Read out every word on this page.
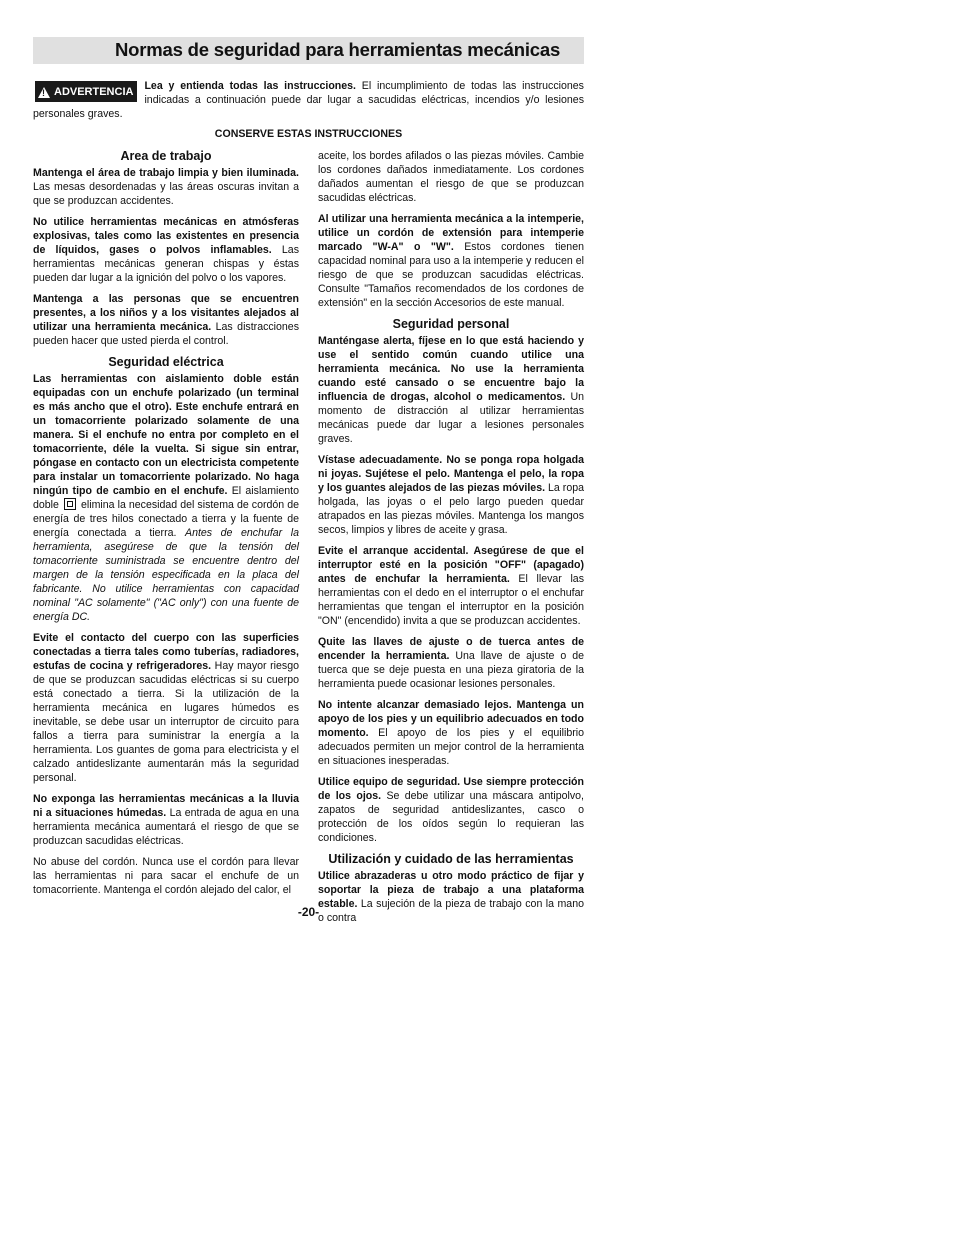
Normas de seguridad para herramientas mecánicas
!
ADVERTENCIA Lea y entienda todas las instrucciones. El incumplimiento de todas las instrucciones indicadas a continuación puede dar lugar a sacudidas eléctricas, incendios y/o lesiones personales graves.
CONSERVE ESTAS INSTRUCCIONES
Area de trabajo

Mantenga el área de trabajo limpia y bien iluminada. Las mesas desordenadas y las áreas oscuras invitan a que se produzcan accidentes.

No utilice herramientas mecánicas en atmósferas explosivas, tales como las existentes en presencia de líquidos, gases o polvos inflamables. Las herramientas mecánicas generan chispas y éstas pueden dar lugar a la ignición del polvo o los vapores.

Mantenga a las personas que se encuentren presentes, a los niños y a los visitantes alejados al utilizar una herramienta mecánica. Las distracciones pueden hacer que usted pierda el control.

Seguridad eléctrica

Las herramientas con aislamiento doble están equipadas con un enchufe polarizado (un terminal es más ancho que el otro). Este enchufe entrará en un tomacorriente polarizado solamente de una manera. Si el enchufe no entra por completo en el tomacorriente, déle la vuelta. Si sigue sin entrar, póngase en contacto con un electricista competente para instalar un tomacorriente polarizado. No haga ningún tipo de cambio en el enchufe. El aislamiento doble  elimina la necesidad del sistema de cordón de energía de tres hilos conectado a tierra y la fuente de energía conectada a tierra. Antes de enchufar la herramienta, asegúrese de que la tensión del tomacorriente suministrada se encuentre dentro del margen de la tensión especificada en la placa del fabricante. No utilice herramientas con capacidad nominal "AC solamente" ("AC only") con una fuente de energía DC.

Evite el contacto del cuerpo con las superficies conectadas a tierra tales como tuberías, radiadores, estufas de cocina y refrigeradores. Hay mayor riesgo de que se produzcan sacudidas eléctricas si su cuerpo está conectado a tierra. Si la utilización de la herramienta mecánica en lugares húmedos es inevitable, se debe usar un interruptor de circuito para fallos a tierra para suministrar la energía a la herramienta. Los guantes de goma para electricista y el calzado antideslizante aumentarán más la seguridad personal.

No exponga las herramientas mecánicas a la lluvia ni a situaciones húmedas. La entrada de agua en una herramienta mecánica aumentará el riesgo de que se produzcan sacudidas eléctricas.

No abuse del cordón. Nunca use el cordón para llevar las herramientas ni para sacar el enchufe de un tomacorriente. Mantenga el cordón alejado del calor, el

aceite, los bordes afilados o las piezas móviles. Cambie los cordones dañados inmediatamente. Los cordones dañados aumentan el riesgo de que se produzcan sacudidas eléctricas.

Al utilizar una herramienta mecánica a la intemperie, utilice un cordón de extensión para intemperie marcado "W-A" o "W". Estos cordones tienen capacidad nominal para uso a la intemperie y reducen el riesgo de que se produzcan sacudidas eléctricas. Consulte "Tamaños recomendados de los cordones de extensión" en la sección Accesorios de este manual.

Seguridad personal

Manténgase alerta, fíjese en lo que está haciendo y use el sentido común cuando utilice una herramienta mecánica. No use la herramienta cuando esté cansado o se encuentre bajo la influencia de drogas, alcohol o medicamentos. Un momento de distracción al utilizar herramientas mecánicas puede dar lugar a lesiones personales graves.

Vístase adecuadamente. No se ponga ropa holgada ni joyas. Sujétese el pelo. Mantenga el pelo, la ropa y los guantes alejados de las piezas móviles. La ropa holgada, las joyas o el pelo largo pueden quedar atrapados en las piezas móviles. Mantenga los mangos secos, limpios y libres de aceite y grasa.

Evite el arranque accidental. Asegúrese de que el interruptor esté en la posición "OFF" (apagado) antes de enchufar la herramienta. El llevar las herramientas con el dedo en el interruptor o el enchufar herramientas que tengan el interruptor en la posición "ON" (encendido) invita a que se produzcan accidentes.

Quite las llaves de ajuste o de tuerca antes de encender la herramienta. Una llave de ajuste o de tuerca que se deje puesta en una pieza giratoria de la herramienta puede ocasionar lesiones personales.

No intente alcanzar demasiado lejos. Mantenga un apoyo de los pies y un equilibrio adecuados en todo momento. El apoyo de los pies y el equilibrio adecuados permiten un mejor control de la herramienta en situaciones inesperadas.

Utilice equipo de seguridad. Use siempre protección de los ojos. Se debe utilizar una máscara antipolvo, zapatos de seguridad antideslizantes, casco o protección de los oídos según lo requieran las condiciones.

Utilización y cuidado de las herramientas

Utilice abrazaderas u otro modo práctico de fijar y soportar la pieza de trabajo a una plataforma estable. La sujeción de la pieza de trabajo con la mano o contra

-20-
